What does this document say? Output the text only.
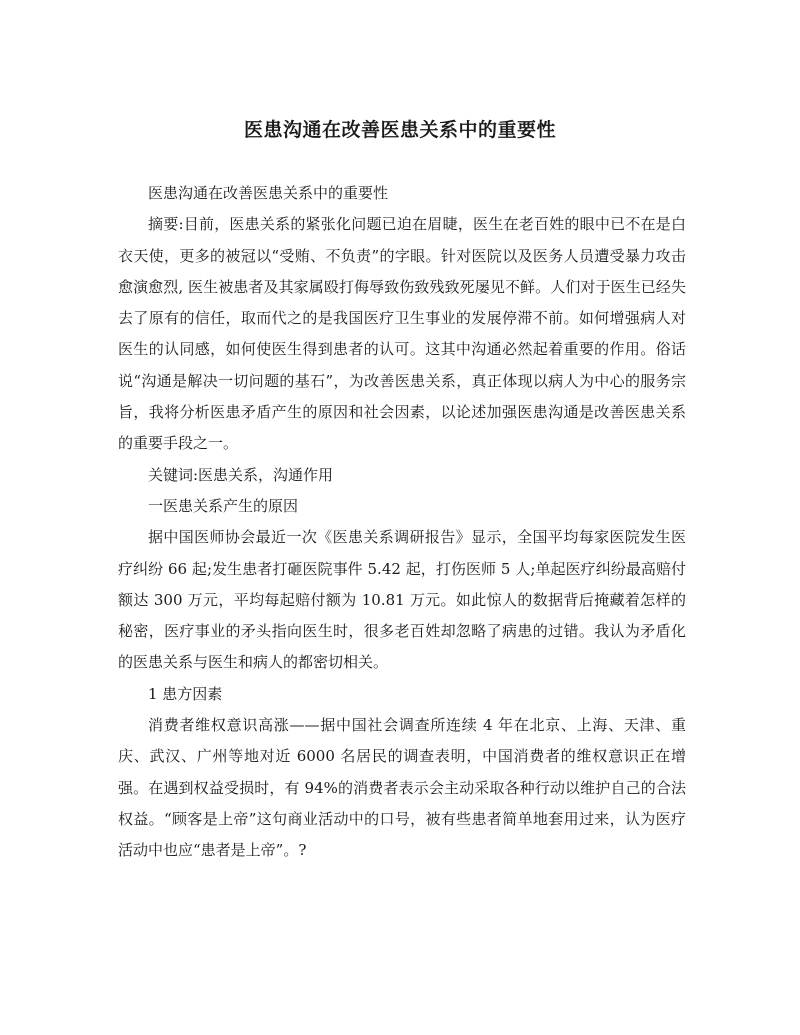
医患沟通在改善医患关系中的重要性

医患沟通在改善医患关系中的重要性

摘要:目前，医患关系的紧张化问题已迫在眉睫，医生在老百姓的眼中已不在是白衣天使，更多的被冠以“受贿、不负责”的字眼。针对医院以及医务人员遭受暴力攻击愈演愈烈, 医生被患者及其家属殴打侮辱致伤致残致死屡见不鲜。人们对于医生已经失去了原有的信任，取而代之的是我国医疗卫生事业的发展停滞不前。如何增强病人对医生的认同感，如何使医生得到患者的认可。这其中沟通必然起着重要的作用。俗话说“沟通是解决一切问题的基石”，为改善医患关系，真正体现以病人为中心的服务宗旨，我将分析医患矛盾产生的原因和社会因素，以论述加强医患沟通是改善医患关系的重要手段之一。

关键词:医患关系，沟通作用

一医患关系产生的原因

据中国医师协会最近一次《医患关系调研报告》显示，全国平均每家医院发生医疗纠纷 66 起;发生患者打砸医院事件 5.42 起，打伤医师 5 人;单起医疗纠纷最高赔付额达 300 万元，平均每起赔付额为 10.81 万元。如此惊人的数据背后掩藏着怎样的秘密，医疗事业的矛头指向医生时，很多老百姓却忽略了病患的过错。我认为矛盾化的医患关系与医生和病人的都密切相关。

1 患方因素

消费者维权意识高涨——据中国社会调查所连续 4 年在北京、上海、天津、重庆、武汉、广州等地对近 6000 名居民的调查表明，中国消费者的维权意识正在增强。在遇到权益受损时，有 94%的消费者表示会主动采取各种行动以维护自己的合法权益。“顾客是上帝”这句商业活动中的口号，被有些患者简单地套用过来，认为医疗活动中也应“患者是上帝”。?
